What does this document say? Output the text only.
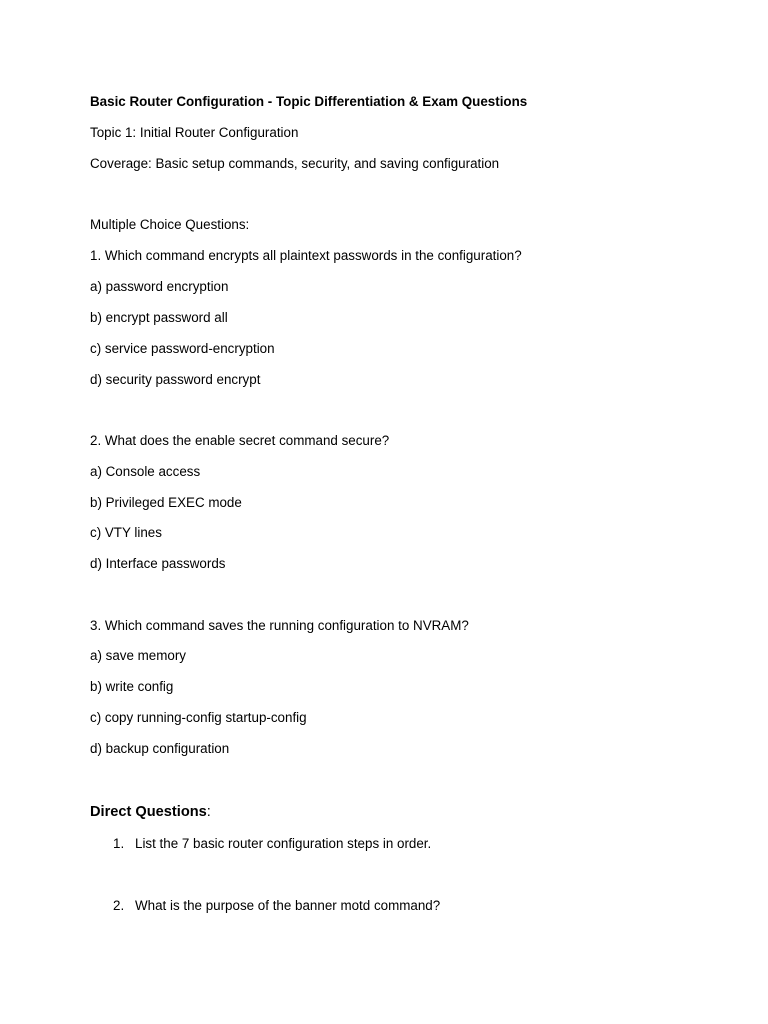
Basic Router Configuration - Topic Differentiation & Exam Questions
Topic 1: Initial Router Configuration
Coverage: Basic setup commands, security, and saving configuration
Multiple Choice Questions:
1. Which command encrypts all plaintext passwords in the configuration?
a) password encryption
b) encrypt password all
c) service password-encryption
d) security password encrypt
2. What does the enable secret command secure?
a) Console access
b) Privileged EXEC mode
c) VTY lines
d) Interface passwords
3. Which command saves the running configuration to NVRAM?
a) save memory
b) write config
c) copy running-config startup-config
d) backup configuration
Direct Questions:
1. List the 7 basic router configuration steps in order.
2. What is the purpose of the banner motd command?
